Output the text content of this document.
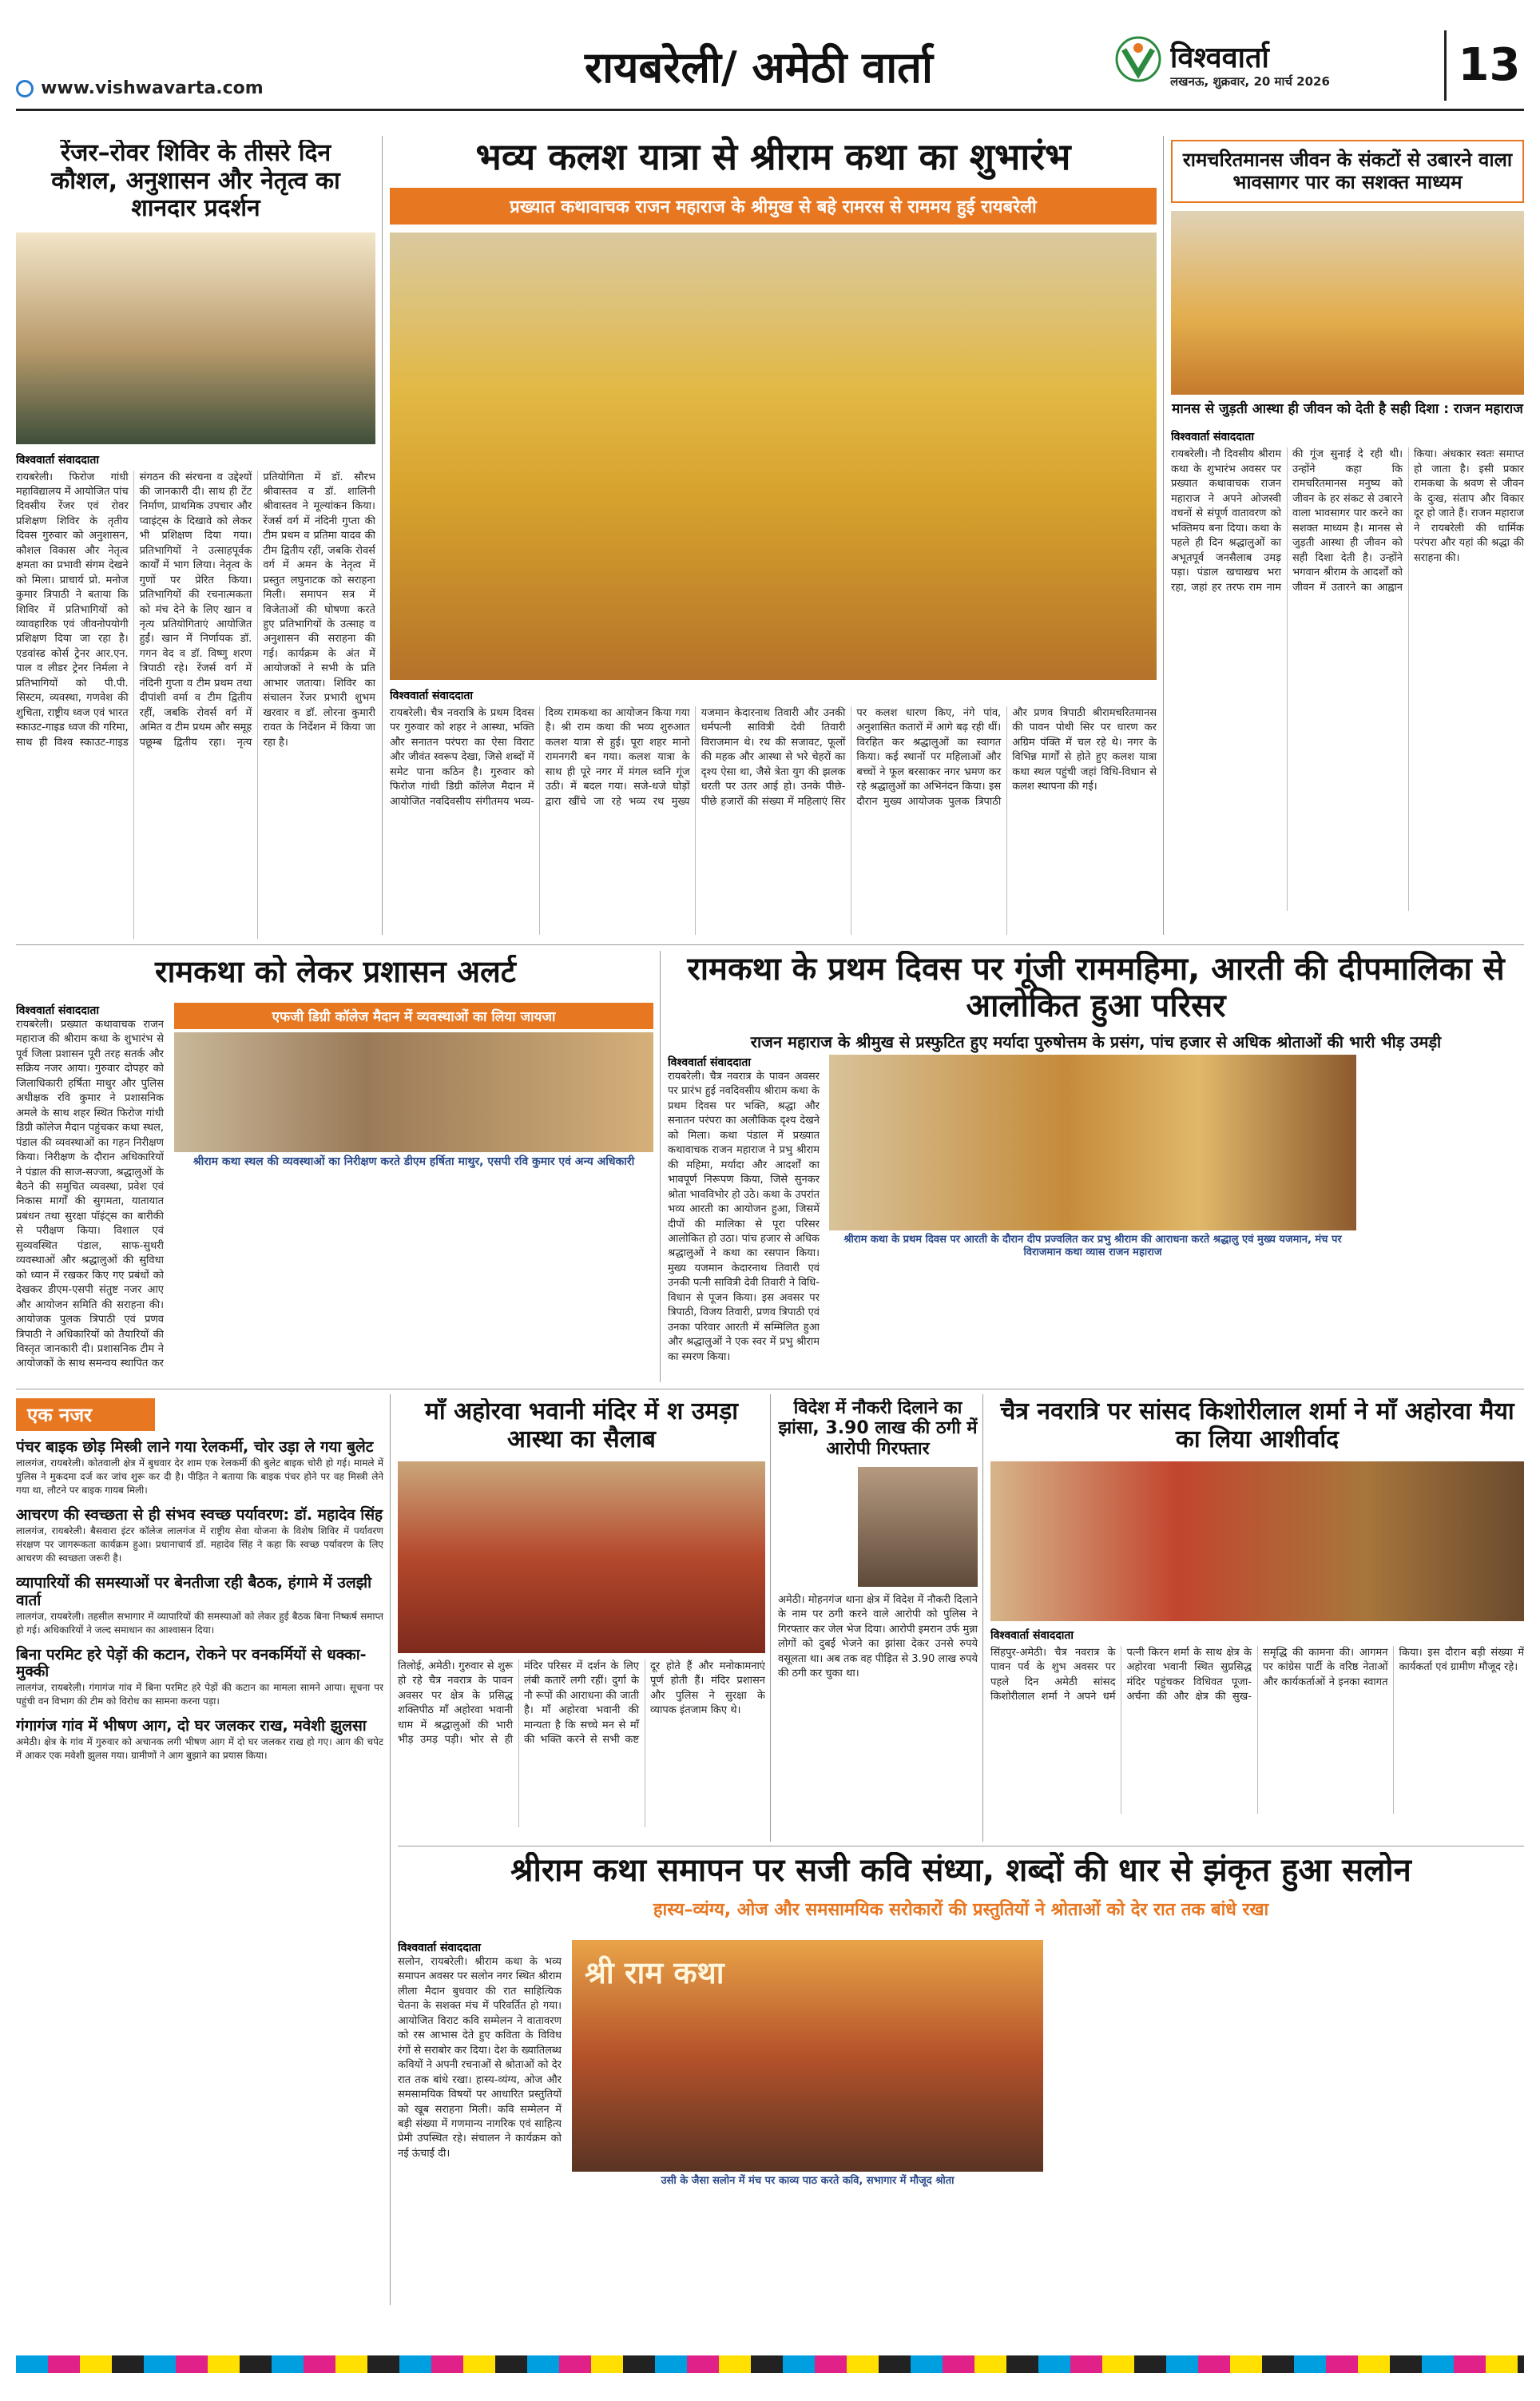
www.vishwavarta.com	रायबरेली/ अमेठी वार्ता	विश्ववार्ता
लखनऊ, शुक्रवार, 20 मार्च 2026	13
रेंजर–रोवर शिविर के तीसरे दिन कौशल, अनुशासन और नेतृत्व का शानदार प्रदर्शन
विश्ववार्ता संवाददाता
रायबरेली। फिरोज गांधी महाविद्यालय में आयोजित पांच दिवसीय रेंजर एवं रोवर प्रशिक्षण शिविर के तृतीय दिवस गुरुवार को अनुशासन, कौशल विकास और नेतृत्व क्षमता का प्रभावी संगम देखने को मिला। प्राचार्य प्रो. मनोज कुमार त्रिपाठी ने बताया कि शिविर में प्रतिभागियों को व्यावहारिक एवं जीवनोपयोगी प्रशिक्षण दिया जा रहा है। एडवांस्ड कोर्स ट्रेनर आर.एन. पाल व लीडर ट्रेनर निर्मला ने प्रतिभागियों को पी.पी. सिस्टम, व्यवस्था, गणवेश की शुचिता, राष्ट्रीय ध्वज एवं भारत स्काउट-गाइड ध्वज की गरिमा, साथ ही विश्व स्काउट-गाइड संगठन की संरचना व उद्देश्यों की जानकारी दी। साथ ही टेंट निर्माण, प्राथमिक उपचार और प्वाइंट्स के दिखावे को लेकर भी प्रशिक्षण दिया गया। प्रतिभागियों ने उत्साहपूर्वक कार्यों में भाग लिया। नेतृत्व के गुणों पर प्रेरित किया। प्रतिभागियों की रचनात्मकता को मंच देने के लिए खान व नृत्य प्रतियोगिताएं आयोजित हुईं। खान में निर्णायक डॉ. गगन वेद व डॉ. विष्णु शरण त्रिपाठी रहे। रेंजर्स वर्ग में नंदिनी गुप्ता व टीम प्रथम तथा दीपांशी वर्मा व टीम द्वितीय रहीं, जबकि रोवर्स वर्ग में अमित व टीम प्रथम और समूह पछूम्ब द्वितीय रहा। नृत्य प्रतियोगिता में डॉ. सौरभ श्रीवास्तव व डॉ. शालिनी श्रीवास्तव ने मूल्यांकन किया। रेंजर्स वर्ग में नंदिनी गुप्ता की टीम प्रथम व प्रतिमा यादव की टीम द्वितीय रहीं, जबकि रोवर्स वर्ग में अमन के नेतृत्व में प्रस्तुत लघुनाटक को सराहना मिली। समापन सत्र में विजेताओं की घोषणा करते हुए प्रतिभागियों के उत्साह व अनुशासन की सराहना की गई। कार्यक्रम के अंत में आयोजकों ने सभी के प्रति आभार जताया। शिविर का संचालन रेंजर प्रभारी शुभम खरवार व डॉ. लोरना कुमारी रावत के निर्देशन में किया जा रहा है।
भव्य कलश यात्रा से श्रीराम कथा का शुभारंभ
प्रख्यात कथावाचक राजन महाराज के श्रीमुख से बहे रामरस से राममय हुई रायबरेली
विश्ववार्ता संवाददाता
रायबरेली। चैत्र नवरात्रि के प्रथम दिवस पर गुरुवार को शहर ने आस्था, भक्ति और सनातन परंपरा का ऐसा विराट और जीवंत स्वरूप देखा, जिसे शब्दों में समेट पाना कठिन है। गुरुवार को फिरोज गांधी डिग्री कॉलेज मैदान में आयोजित नवदिवसीय संगीतमय भव्य-दिव्य रामकथा का आयोजन किया गया है। श्री राम कथा की भव्य शुरुआत कलश यात्रा से हुई। पूरा शहर मानो रामनगरी बन गया। कलश यात्रा के साथ ही पूरे नगर में मंगल ध्वनि गूंज उठी। में बदल गया। सजे-धजे घोड़ों द्वारा खींचे जा रहे भव्य रथ मुख्य यजमान केदारनाथ तिवारी और उनकी धर्मपत्नी सावित्री देवी तिवारी विराजमान थे। रथ की सजावट, फूलों की महक और आस्था से भरे चेहरों का दृश्य ऐसा था, जैसे त्रेता युग की झलक धरती पर उतर आई हो। उनके पीछे-पीछे हजारों की संख्या में महिलाएं सिर पर कलश धारण किए, नंगे पांव, अनुशासित कतारों में आगे बढ़ रही थीं। विरहित कर श्रद्धालुओं का स्वागत किया। कई स्थानों पर महिलाओं और बच्चों ने फूल बरसाकर नगर भ्रमण कर रहे श्रद्धालुओं का अभिनंदन किया। इस दौरान मुख्य आयोजक पुलक त्रिपाठी और प्रणव त्रिपाठी श्रीरामचरितमानस की पावन पोथी सिर पर धारण कर अग्रिम पंक्ति में चल रहे थे। नगर के विभिन्न मार्गों से होते हुए कलश यात्रा कथा स्थल पहुंची जहां विधि-विधान से कलश स्थापना की गई।
रामचरितमानस जीवन के संकटों से उबारने वाला भावसागर पार का सशक्त माध्यम
मानस से जुड़ती आस्था ही जीवन को देती है सही दिशा : राजन महाराज
विश्ववार्ता संवाददाता
रायबरेली। नौ दिवसीय श्रीराम कथा के शुभारंभ अवसर पर प्रख्यात कथावाचक राजन महाराज ने अपने ओजस्वी वचनों से संपूर्ण वातावरण को भक्तिमय बना दिया। कथा के पहले ही दिन श्रद्धालुओं का अभूतपूर्व जनसैलाब उमड़ पड़ा। पंडाल खचाखच भरा रहा, जहां हर तरफ राम नाम की गूंज सुनाई दे रही थी। उन्होंने कहा कि रामचरितमानस मनुष्य को जीवन के हर संकट से उबारने वाला भावसागर पार करने का सशक्त माध्यम है। मानस से जुड़ती आस्था ही जीवन को सही दिशा देती है। उन्होंने भगवान श्रीराम के आदर्शों को जीवन में उतारने का आह्वान किया। अंधकार स्वतः समाप्त हो जाता है। इसी प्रकार रामकथा के श्रवण से जीवन के दुःख, संताप और विकार दूर हो जाते हैं। राजन महाराज ने रायबरेली की धार्मिक परंपरा और यहां की श्रद्धा की सराहना की।
रामकथा को लेकर प्रशासन अलर्ट
विश्ववार्ता संवाददाता
रायबरेली। प्रख्यात कथावाचक राजन महाराज की श्रीराम कथा के शुभारंभ से पूर्व जिला प्रशासन पूरी तरह सतर्क और सक्रिय नजर आया। गुरुवार दोपहर को जिलाधिकारी हर्षिता माथुर और पुलिस अधीक्षक रवि कुमार ने प्रशासनिक अमले के साथ शहर स्थित फिरोज गांधी डिग्री कॉलेज मैदान पहुंचकर कथा स्थल, पंडाल की व्यवस्थाओं का गहन निरीक्षण किया। निरीक्षण के दौरान अधिकारियों ने पंडाल की साज-सज्जा, श्रद्धालुओं के बैठने की समुचित व्यवस्था, प्रवेश एवं निकास मार्गों की सुगमता, यातायात प्रबंधन तथा सुरक्षा पॉइंट्स का बारीकी से परीक्षण किया। विशाल एवं सुव्यवस्थित पंडाल, साफ-सुथरी व्यवस्थाओं और श्रद्धालुओं की सुविधा को ध्यान में रखकर किए गए प्रबंधों को देखकर डीएम-एसपी संतुष्ट नजर आए और आयोजन समिति की सराहना की। आयोजक पुलक त्रिपाठी एवं प्रणव त्रिपाठी ने अधिकारियों को तैयारियों की विस्तृत जानकारी दी। प्रशासनिक टीम ने आयोजकों के साथ समन्वय स्थापित कर
एफजी डिग्री कॉलेज मैदान में व्यवस्थाओं का लिया जायजा
श्रीराम कथा स्थल की व्यवस्थाओं का निरीक्षण करते डीएम हर्षिता माथुर, एसपी रवि कुमार एवं अन्य अधिकारी
रामकथा के प्रथम दिवस पर गूंजी राममहिमा, आरती की दीपमालिका से आलोकित हुआ परिसर
राजन महाराज के श्रीमुख से प्रस्फुटित हुए मर्यादा पुरुषोत्तम के प्रसंग, पांच हजार से अधिक श्रोताओं की भारी भीड़ उमड़ी
विश्ववार्ता संवाददाता
रायबरेली। चैत्र नवरात्र के पावन अवसर पर प्रारंभ हुई नवदिवसीय श्रीराम कथा के प्रथम दिवस पर भक्ति, श्रद्धा और सनातन परंपरा का अलौकिक दृश्य देखने को मिला। कथा पंडाल में प्रख्यात कथावाचक राजन महाराज ने प्रभु श्रीराम की महिमा, मर्यादा और आदर्शों का भावपूर्ण निरूपण किया, जिसे सुनकर श्रोता भावविभोर हो उठे। कथा के उपरांत भव्य आरती का आयोजन हुआ, जिसमें दीपों की मालिका से पूरा परिसर आलोकित हो उठा। पांच हजार से अधिक श्रद्धालुओं ने कथा का रसपान किया। मुख्य यजमान केदारनाथ तिवारी एवं उनकी पत्नी सावित्री देवी तिवारी ने विधि-विधान से पूजन किया। इस अवसर पर त्रिपाठी, विजय तिवारी, प्रणव त्रिपाठी एवं उनका परिवार आरती में सम्मिलित हुआ और श्रद्धालुओं ने एक स्वर में प्रभु श्रीराम का स्मरण किया।
श्रीराम कथा के प्रथम दिवस पर आरती के दौरान दीप प्रज्वलित कर प्रभु श्रीराम की आराधना करते श्रद्धालु एवं मुख्य यजमान, मंच पर विराजमान कथा व्यास राजन महाराज
एक नजर
पंचर बाइक छोड़ मिस्त्री लाने गया रेलकर्मी, चोर उड़ा ले गया बुलेट
लालगंज, रायबरेली। कोतवाली क्षेत्र में बुधवार देर शाम एक रेलकर्मी की बुलेट बाइक चोरी हो गई। मामले में पुलिस ने मुकदमा दर्ज कर जांच शुरू कर दी है। पीड़ित ने बताया कि बाइक पंचर होने पर वह मिस्त्री लेने गया था, लौटने पर बाइक गायब मिली।
आचरण की स्वच्छता से ही संभव स्वच्छ पर्यावरण: डॉ. महादेव सिंह
लालगंज, रायबरेली। बैसवारा इंटर कॉलेज लालगंज में राष्ट्रीय सेवा योजना के विशेष शिविर में पर्यावरण संरक्षण पर जागरूकता कार्यक्रम हुआ। प्रधानाचार्य डॉ. महादेव सिंह ने कहा कि स्वच्छ पर्यावरण के लिए आचरण की स्वच्छता जरूरी है।
व्यापारियों की समस्याओं पर बेनतीजा रही बैठक, हंगामे में उलझी वार्ता
लालगंज, रायबरेली। तहसील सभागार में व्यापारियों की समस्याओं को लेकर हुई बैठक बिना निष्कर्ष समाप्त हो गई। अधिकारियों ने जल्द समाधान का आश्वासन दिया।
बिना परमिट हरे पेड़ों की कटान, रोकने पर वनकर्मियों से धक्का-मुक्की
लालगंज, रायबरेली। गंगागंज गांव में बिना परमिट हरे पेड़ों की कटान का मामला सामने आया। सूचना पर पहुंची वन विभाग की टीम को विरोध का सामना करना पड़ा।
गंगागंज गांव में भीषण आग, दो घर जलकर राख, मवेशी झुलसा
अमेठी। क्षेत्र के गांव में गुरुवार को अचानक लगी भीषण आग में दो घर जलकर राख हो गए। आग की चपेट में आकर एक मवेशी झुलस गया। ग्रामीणों ने आग बुझाने का प्रयास किया।
माँ अहोरवा भवानी मंदिर में श उमड़ा आस्था का सैलाब
तिलोई, अमेठी। गुरुवार से शुरू हो रहे चैत्र नवरात्र के पावन अवसर पर क्षेत्र के प्रसिद्ध शक्तिपीठ माँ अहोरवा भवानी धाम में श्रद्धालुओं की भारी भीड़ उमड़ पड़ी। भोर से ही मंदिर परिसर में दर्शन के लिए लंबी कतारें लगी रहीं। दुर्गा के नौ रूपों की आराधना की जाती है। माँ अहोरवा भवानी की मान्यता है कि सच्चे मन से माँ की भक्ति करने से सभी कष्ट दूर होते हैं और मनोकामनाएं पूर्ण होती हैं। मंदिर प्रशासन और पुलिस ने सुरक्षा के व्यापक इंतजाम किए थे।
विदेश में नौकरी दिलाने का झांसा, 3.90 लाख की ठगी में आरोपी गिरफ्तार
अमेठी। मोहनगंज थाना क्षेत्र में विदेश में नौकरी दिलाने के नाम पर ठगी करने वाले आरोपी को पुलिस ने गिरफ्तार कर जेल भेज दिया। आरोपी इमरान उर्फ मुन्ना लोगों को दुबई भेजने का झांसा देकर उनसे रुपये वसूलता था। अब तक वह पीड़ित से 3.90 लाख रुपये की ठगी कर चुका था।
चैत्र नवरात्रि पर सांसद किशोरीलाल शर्मा ने माँ अहोरवा मैया का लिया आशीर्वाद
विश्ववार्ता संवाददाता
सिंहपुर-अमेठी। चैत्र नवरात्र के पावन पर्व के शुभ अवसर पर पहले दिन अमेठी सांसद किशोरीलाल शर्मा ने अपने धर्म पत्नी किरन शर्मा के साथ क्षेत्र के अहोरवा भवानी स्थित सुप्रसिद्ध मंदिर पहुंचकर विधिवत पूजा-अर्चना की और क्षेत्र की सुख-समृद्धि की कामना की। आगमन पर कांग्रेस पार्टी के वरिष्ठ नेताओं और कार्यकर्ताओं ने इनका स्वागत किया। इस दौरान बड़ी संख्या में कार्यकर्ता एवं ग्रामीण मौजूद रहे।
श्रीराम कथा समापन पर सजी कवि संध्या, शब्दों की धार से झंकृत हुआ सलोन
हास्य–व्यंग्य, ओज और समसामयिक सरोकारों की प्रस्तुतियों ने श्रोताओं को देर रात तक बांधे रखा
विश्ववार्ता संवाददाता
सलोन, रायबरेली। श्रीराम कथा के भव्य समापन अवसर पर सलोन नगर स्थित श्रीराम लीला मैदान बुधवार की रात साहित्यिक चेतना के सशक्त मंच में परिवर्तित हो गया। आयोजित विराट कवि सम्मेलन ने वातावरण को रस आभास देते हुए कविता के विविध रंगों से सराबोर कर दिया। देश के ख्यातिलब्ध कवियों ने अपनी रचनाओं से श्रोताओं को देर रात तक बांधे रखा। हास्य-व्यंग्य, ओज और समसामयिक विषयों पर आधारित प्रस्तुतियों को खूब सराहना मिली। कवि सम्मेलन में बड़ी संख्या में गणमान्य नागरिक एवं साहित्य प्रेमी उपस्थित रहे। संचालन ने कार्यक्रम को नई ऊंचाई दी।
श्री राम कथा
उसी के जैसा सलोन में मंच पर काव्य पाठ करते कवि, सभागार में मौजूद श्रोता
